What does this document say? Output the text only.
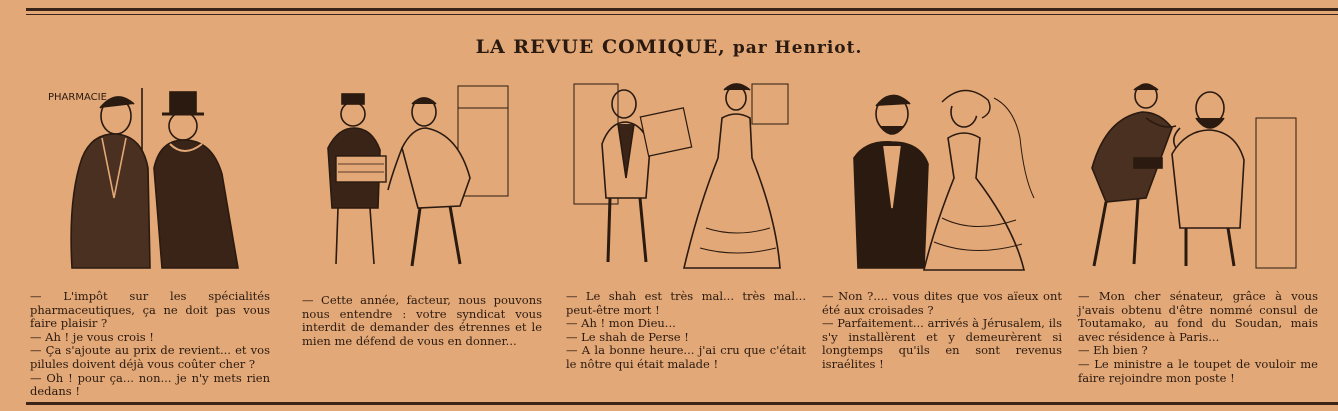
LA REVUE COMIQUE, par Henriot.
PHARMACIE

— L'impôt sur les spécialités pharmaceutiques, ça ne doit pas vous faire plaisir ?

— Ah ! je vous crois !

— Ça s'ajoute au prix de revient... et vos pilules doivent déjà vous coûter cher ?

— Oh ! pour ça... non... je n'y mets rien dedans !

— Cette année, facteur, nous pouvons nous entendre : votre syndicat vous interdit de demander des étrennes et le mien me défend de vous en donner...

— Le shah est très mal... très mal... peut-être mort !

— Ah ! mon Dieu...

— Le shah de Perse !

— A la bonne heure... j'ai cru que c'était le nôtre qui était malade !

— Non ?.... vous dites que vos aïeux ont été aux croisades ?

— Parfaitement... arrivés à Jérusalem, ils s'y installèrent et y demeurèrent si longtemps qu'ils en sont revenus israélites !

— Mon cher sénateur, grâce à vous j'avais obtenu d'être nommé consul de Toutamako, au fond du Soudan, mais avec résidence à Paris...

— Eh bien ?

— Le ministre a le toupet de vouloir me faire rejoindre mon poste !
